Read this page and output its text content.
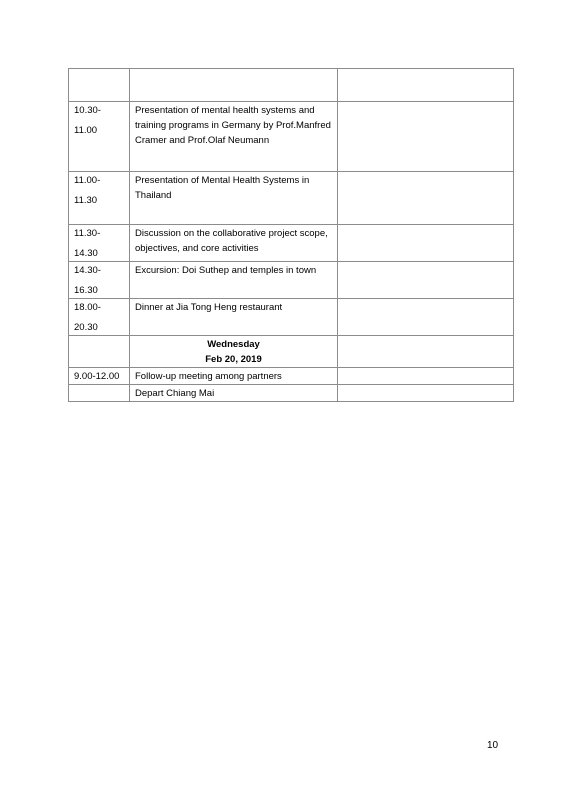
10.30-
11.00	Presentation of mental health systems and training programs in Germany by Prof.Manfred Cramer and Prof.Olaf Neumann	

11.00-
11.30	Presentation of Mental Health Systems in Thailand	

11.30-
14.30	Discussion on the collaborative project scope, objectives, and core activities	

14.30-
16.30	Excursion: Doi Suthep and temples in town	

18.00-
20.30	Dinner at Jia Tong Heng restaurant	

	Wednesday
Feb 20, 2019	

9.00-12.00	Follow-up meeting among partners	
	Depart Chiang Mai	
10
